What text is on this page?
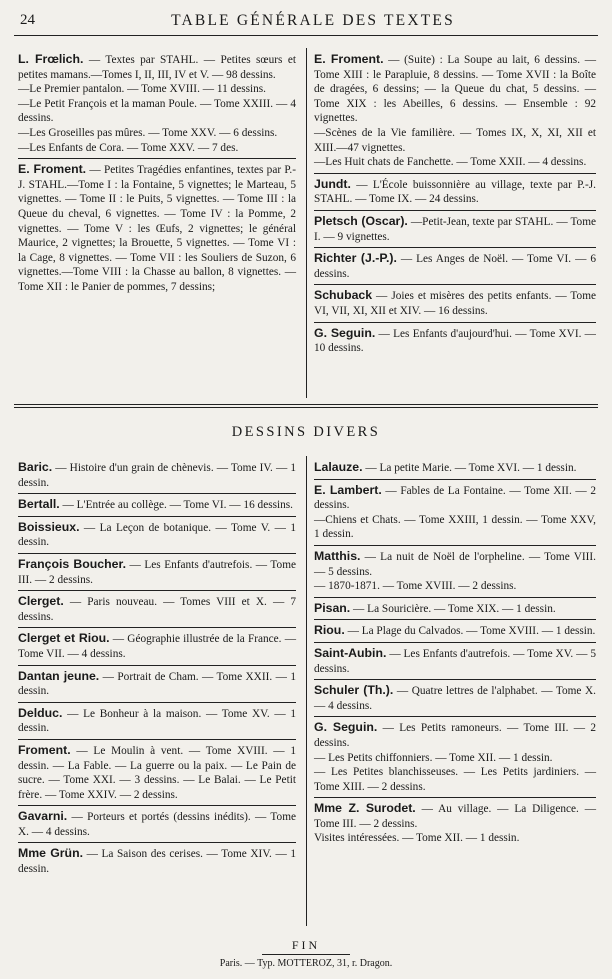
24	TABLE GÉNÉRALE DES TEXTES
L. Frœlich. — Textes par STAHL. — Petites sœurs et petites mamans.—Tomes I, II, III, IV et V. — 98 dessins.
—Le Premier pantalon. — Tome XVIII. — 11 dessins.
—Le Petit François et la maman Poule. — Tome XXIII. — 4 dessins.
—Les Groseilles pas mûres. — Tome XXV. — 6 dessins.
—Les Enfants de Cora. — Tome XXV. — 7 des.
E. Froment. — Petites Tragédies enfantines, textes par P.-J. STAHL.—Tome I : la Fontaine, 5 vignettes; le Marteau, 5 vignettes. — Tome II : le Puits, 5 vignettes. — Tome III : la Queue du cheval, 6 vignettes. — Tome IV : la Pomme, 2 vignettes. — Tome V : les Œufs, 2 vignettes; le général Maurice, 2 vignettes; la Brouette, 5 vignettes. — Tome VI : la Cage, 8 vignettes. — Tome VII : les Souliers de Suzon, 6 vignettes.—Tome VIII : la Chasse au ballon, 8 vignettes. — Tome XII : le Panier de pommes, 7 dessins;
E. Froment. — (Suite) : La Soupe au lait, 6 dessins. — Tome XIII : le Parapluie, 8 dessins. — Tome XVII : la Boîte de dragées, 6 dessins; — la Queue du chat, 5 dessins. — Tome XIX : les Abeilles, 6 dessins. — Ensemble : 92 vignettes.
—Scènes de la Vie familière. — Tomes IX, X, XI, XII et XIII.—47 vignettes.
—Les Huit chats de Fanchette. — Tome XXII. — 4 dessins.
Jundt. — L'École buissonnière au village, texte par P.-J. STAHL. — Tome IX. — 24 dessins.
Pletsch (Oscar). —Petit-Jean, texte par STAHL. — Tome I. — 9 vignettes.
Richter (J.-P.). — Les Anges de Noël. — Tome VI. — 6 dessins.
Schuback — Joies et misères des petits enfants. — Tome VI, VII, XI, XII et XIV. — 16 dessins.
G. Seguin. — Les Enfants d'aujourd'hui. — Tome XVI. — 10 dessins.
DESSINS DIVERS
Baric. — Histoire d'un grain de chènevis. — Tome IV. — 1 dessin.
Bertall. — L'Entrée au collège. — Tome VI. — 16 dessins.
Boissieux. — La Leçon de botanique. — Tome V. — 1 dessin.
François Boucher. — Les Enfants d'autrefois. — Tome III. — 2 dessins.
Clerget. — Paris nouveau. — Tomes VIII et X. — 7 dessins.
Clerget et Riou. — Géographie illustrée de la France. — Tome VII. — 4 dessins.
Dantan jeune. — Portrait de Cham. — Tome XXII. — 1 dessin.
Delduc. — Le Bonheur à la maison. — Tome XV. — 1 dessin.
Froment. — Le Moulin à vent. — Tome XVIII. — 1 dessin. — La Fable. — La guerre ou la paix. — Le Pain de sucre. — Tome XXI. — 3 dessins. — Le Balai. — Le Petit frère. — Tome XXIV. — 2 dessins.
Gavarni. — Porteurs et portés (dessins inédits). — Tome X. — 4 dessins.
Mme Grün. — La Saison des cerises. — Tome XIV. — 1 dessin.
Lalauze. — La petite Marie. — Tome XVI. — 1 dessin.
E. Lambert. — Fables de La Fontaine. — Tome XII. — 2 dessins.
—Chiens et Chats. — Tome XXIII, 1 dessin. — Tome XXV, 1 dessin.
Matthis. — La nuit de Noël de l'orpheline. — Tome VIII. — 5 dessins.
— 1870-1871. — Tome XVIII. — 2 dessins.
Pisan. — La Souricière. — Tome XIX. — 1 dessin.
Riou. — La Plage du Calvados. — Tome XVIII. — 1 dessin.
Saint-Aubin. — Les Enfants d'autrefois. — Tome XV. — 5 dessins.
Schuler (Th.). — Quatre lettres de l'alphabet. — Tome X. — 4 dessins.
G. Seguin. — Les Petits ramoneurs. — Tome III. — 2 dessins.
— Les Petits chiffonniers. — Tome XII. — 1 dessin.
— Les Petites blanchisseuses. — Les Petits jardiniers. — Tome XIII. — 2 dessins.
Mme Z. Surodet. — Au village. — La Diligence. — Tome III. — 2 dessins.
Visites intéressées. — Tome XII. — 1 dessin.
FIN
Paris. — Typ. MOTTEROZ, 31, r. Dragon.
